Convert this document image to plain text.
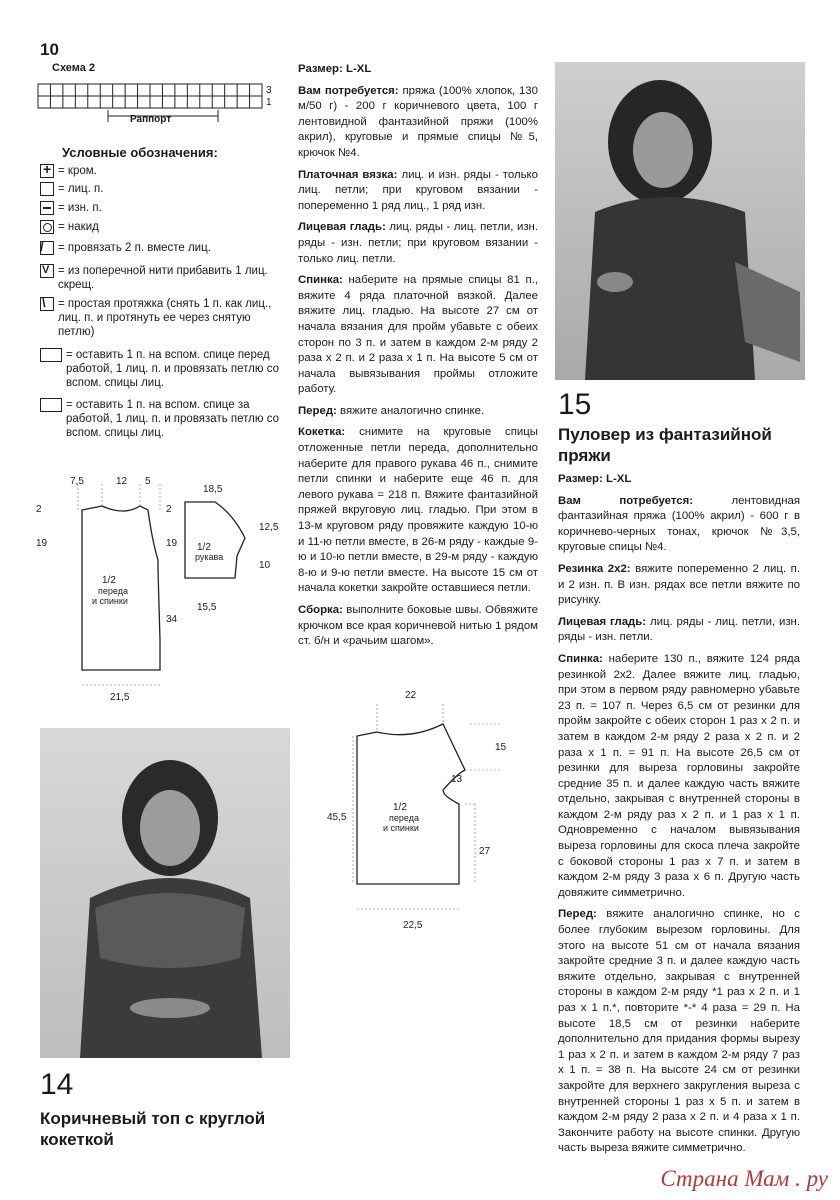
10
Схема 2
3
1
Раппорт
Условные обозначения:
+ = кром.
= лиц. п.
= изн. п.
= накид
/ = провязать 2 п. вместе лиц.
V = из поперечной нити прибавить 1 лиц. скрещ.
\ = простая протяжка (снять 1 п. как лиц., лиц. п. и протянуть ее через снятую петлю)
= оставить 1 п. на вспом. спице перед работой, 1 лиц. п. и провязать петлю со вспом. спицы лиц.
= оставить 1 п. на вспом. спице за работой, 1 лиц. п. и провязать петлю со вспом. спицы лиц.
7,5	12 5
2	2
19	19
34
21,5
1/2
переда
и спинки
18,5
12,5
10
15,5
1/2
рукава
14
Коричневый топ с круглой кокеткой

Размер: L-XL

Вам потребуется: пряжа (100% хлопок, 130 м/50 г) - 200 г коричневого цвета, 100 г лентовидной фантазийной пряжи (100% акрил), круговые и прямые спицы №5, крючок №4.

Платочная вязка: лиц. и изн. ряды - только лиц. петли; при круговом вязании - попеременно 1 ряд лиц., 1 ряд изн.

Лицевая гладь: лиц. ряды - лиц. петли, изн. ряды - изн. петли; при круговом вязании - только лиц. петли.

Спинка: наберите на прямые спицы 81 п., вяжите 4 ряда платочной вязкой. Далее вяжите лиц. гладью. На высоте 27 см от начала вязания для пройм убавьте с обеих сторон по 3 п. и затем в каждом 2-м ряду 2 раза х 2 п. и 2 раза х 1 п. На высоте 5 см от начала вывязывания проймы отложите работу.

Перед: вяжите аналогично спинке.

Кокетка: снимите на круговые спицы отложенные петли переда, дополнительно наберите для правого рукава 46 п., снимите петли спинки и наберите еще 46 п. для левого рукава = 218 п. Вяжите фантазийной пряжей вкруговую лиц. гладью. При этом в 13-м круговом ряду провяжите каждую 10-ю и 11-ю петли вместе, в 26-м ряду - каждые 9-ю и 10-ю петли вместе, в 29-м ряду - каждую 8-ю и 9-ю петли вместе. На высоте 15 см от начала кокетки закройте оставшиеся петли.

Сборка: выполните боковые швы. Обвяжите крючком все края коричневой нитью 1 рядом ст. б/н и «рачьим шагом».

22
15
13
45,5
27
22,5
1/2
переда
и спинки
15
Пуловер из фантазийной пряжи

Размер: L-XL

Вам потребуется:	лентовидная фантазийная пряжа (100% акрил) - 600 г в коричнево-черных тонах, крючок №3,5, круговые спицы №4.

Резинка 2х2: вяжите попеременно 2 лиц. п. и 2 изн. п. В изн. рядах все петли вяжите по рисунку.

Лицевая гладь: лиц. ряды - лиц. петли, изн. ряды - изн. петли.

Спинка: наберите 130 п., вяжите 124 ряда резинкой 2х2. Далее вяжите лиц. гладью, при этом в первом ряду равномерно убавьте 23 п. = 107 п. Через 6,5 см от резинки для пройм закройте с обеих сторон 1 раз х 2 п. и затем в каждом 2-м ряду 2 раза х 2 п. и 2 раза х 1 п. = 91 п. На высоте 26,5 см от резинки для выреза горловины закройте средние 35 п. и далее каждую часть вяжите отдельно, закрывая с внутренней стороны в каждом 2-м ряду раз х 2 п. и 1 раз х 1 п. Одновременно с началом вывязывания выреза горловины для скоса плеча закройте с боковой стороны 1 раз х 7 п. и затем в каждом 2-м ряду 3 раза х 6 п. Другую часть довяжите симметрично.

Перед: вяжите аналогично спинке, но с более глубоким вырезом горловины. Для этого на высоте 51 см от начала вязания закройте средние 3 п. и далее каждую часть вяжите отдельно, закрывая с внутренней стороны в каждом 2-м ряду *1 раз х 2 п. и 1 раз х 1 п.*, повторите *-* 4 раза = 29 п. На высоте 18,5 см от резинки наберите дополнительно для придания формы вырезу 1 раз х 2 п. и затем в каждом 2-м ряду 7 раз х 1 п. = 38 п. На высоте 24 см от резинки закройте для верхнего закругления выреза с внутренней стороны 1 раз х 5 п. и затем в каждом 2-м ряду 2 раза х 2 п. и 4 раза х 1 п. Закончите работу на высоте спинки. Другую часть выреза вяжите симметрично.

Страна Мам . ру
